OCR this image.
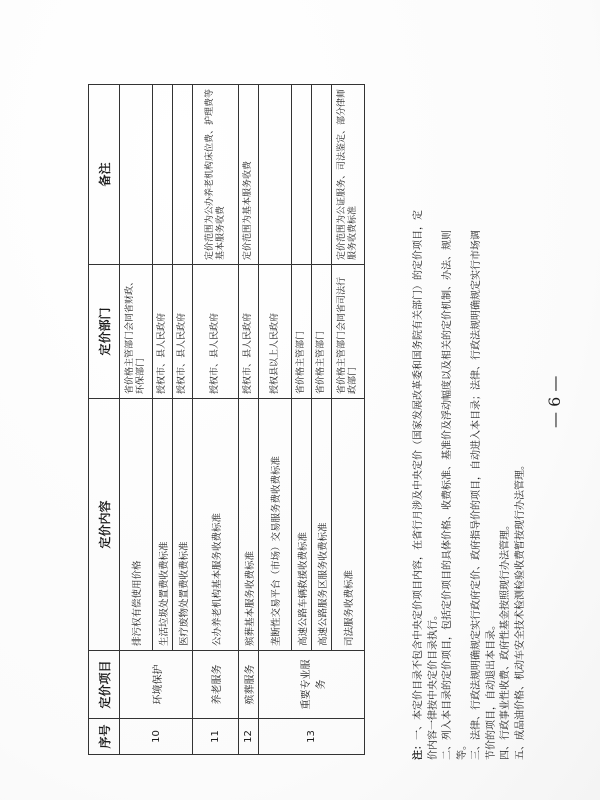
序号	定价项目	定价内容	定价部门	备注
10	环境保护	排污权有偿使用价格	省价格主管部门会同省财政、环保部门	
		生活垃圾处置费收费标准	授权市、县人民政府	
		医疗废物处置费收费标准	授权市、县人民政府	
11	养老服务	公办养老机构基本服务收费标准	授权市、县人民政府	定价范围为公办养老机构床位费、护理费等基本服务收费
12	殡葬服务	殡葬基本服务收费标准	授权市、县人民政府	定价范围为基本服务收费
13	重要专业服务	垄断性交易平台（市场）交易服务费收费标准	授权县以上人民政府	
		高速公路车辆救援收费标准	省价格主管部门	
		高速公路服务区服务收费标准	省价格主管部门	
		司法服务收费标准	省价格主管部门会同省司法行政部门	定价范围为公证服务、司法鉴定、部分律师服务收费标准
注：一、本定价目录不包含中央定价项目内容，在省行月涉及中央定价（国家发展改革委和国务院有关部门）的定价项目，定 价内容一律按中央定价目录执行。 二、列入本目录的定价项目，包括定价项目的具体价格、收费标准、基准价及浮动幅度以及相关的定价机制、办法、规则 等。 三、法律、行政法规明确规定实行政府定价、政府指导价的项目，自动进入本目录；法律、行政法规明确规定实行市场调 节价的项目，自动退出本目录。 四、行政事业性收费、政府性基金按照现行办法管理。 五、成品油价格、机动车安全技术检测检验收费暂按现行办法管理。
— 6 —
